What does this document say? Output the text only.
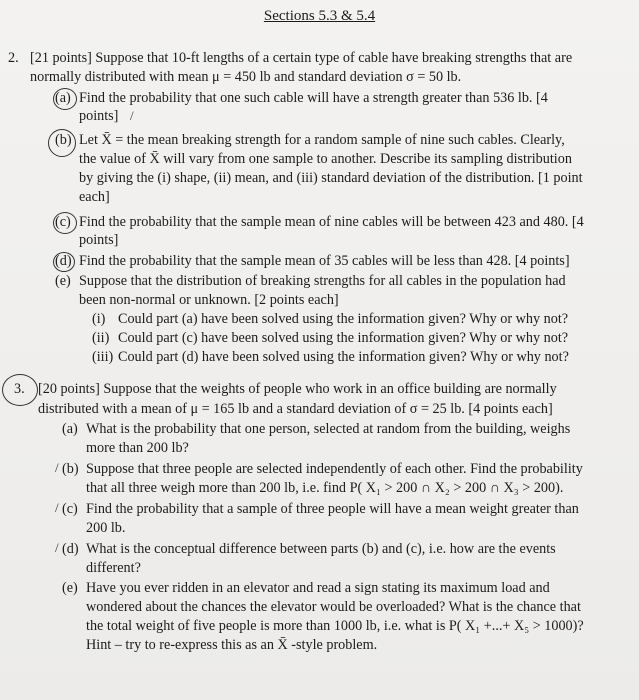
Sections 5.3 & 5.4
2. [21 points] Suppose that 10-ft lengths of a certain type of cable have breaking strengths that are
normally distributed with mean μ = 450 lb and standard deviation σ = 50 lb.
(a) Find the probability that one such cable will have a strength greater than 536 lb. [4
points] /
(b) Let X̄ = the mean breaking strength for a random sample of nine such cables. Clearly,
the value of X̄ will vary from one sample to another. Describe its sampling distribution
by giving the (i) shape, (ii) mean, and (iii) standard deviation of the distribution. [1 point
each]
(c) Find the probability that the sample mean of nine cables will be between 423 and 480. [4
points]
(d) Find the probability that the sample mean of 35 cables will be less than 428. [4 points]
(e) Suppose that the distribution of breaking strengths for all cables in the population had
been non-normal or unknown. [2 points each]
(i) Could part (a) have been solved using the information given? Why or why not?
(ii) Could part (c) have been solved using the information given? Why or why not?
(iii) Could part (d) have been solved using the information given? Why or why not?
3. [20 points] Suppose that the weights of people who work in an office building are normally
distributed with a mean of μ = 165 lb and a standard deviation of σ = 25 lb. [4 points each]
(a) What is the probability that one person, selected at random from the building, weighs
more than 200 lb?
/ (b) Suppose that three people are selected independently of each other. Find the probability
that all three weigh more than 200 lb, i.e. find P( X₁ > 200 ∩ X₂ > 200 ∩ X₃ > 200).
/ (c) Find the probability that a sample of three people will have a mean weight greater than
200 lb.
/ (d) What is the conceptual difference between parts (b) and (c), i.e. how are the events
different?
(e) Have you ever ridden in an elevator and read a sign stating its maximum load and
wondered about the chances the elevator would be overloaded? What is the chance that
the total weight of five people is more than 1000 lb, i.e. what is P( X₁ +...+ X₅ > 1000)?
Hint – try to re-express this as an X̄ -style problem.
